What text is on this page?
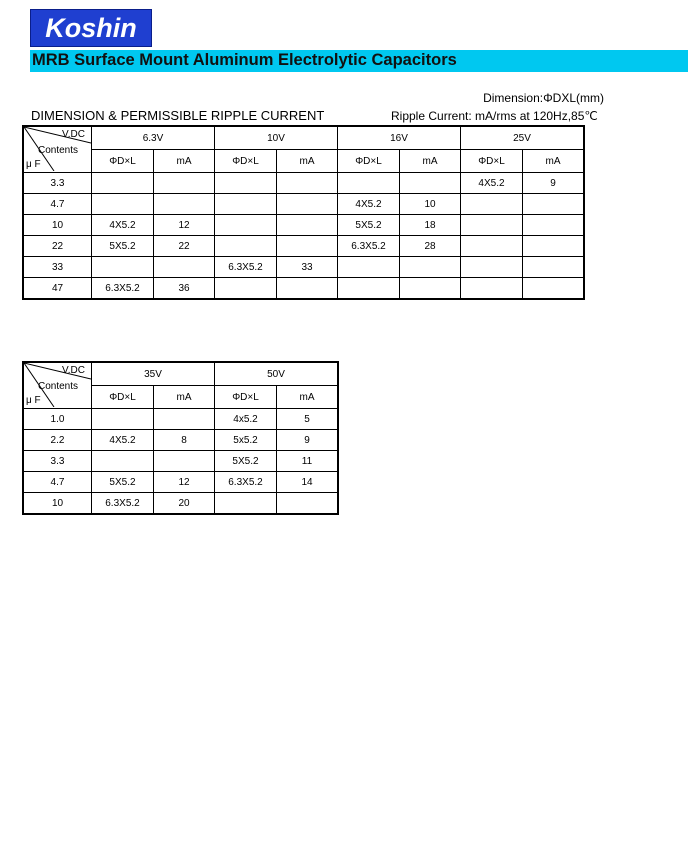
Koshin
MRB Surface Mount Aluminum Electrolytic Capacitors
Dimension:ΦDXL(mm)
DIMENSION & PERMISSIBLE RIPPLE CURRENT	Ripple Current: mA/rms at 120Hz,85℃
V.DC
Contents
μ F	6.3V		10V		16V		25V	
	ΦD×L	mA	ΦD×L	mA	ΦD×L	mA	ΦD×L	mA
3.3							4X5.2	9
4.7					4X5.2	10		
10	4X5.2	12			5X5.2	18		
22	5X5.2	22			6.3X5.2	28		
33			6.3X5.2	33				
47	6.3X5.2	36						
V.DC
Contents
μ F	35V		50V	
	ΦD×L	mA	ΦD×L	mA
1.0			4x5.2	5
2.2	4X5.2	8	5x5.2	9
3.3			5X5.2	11
4.7	5X5.2	12	6.3X5.2	14
10	6.3X5.2	20		
